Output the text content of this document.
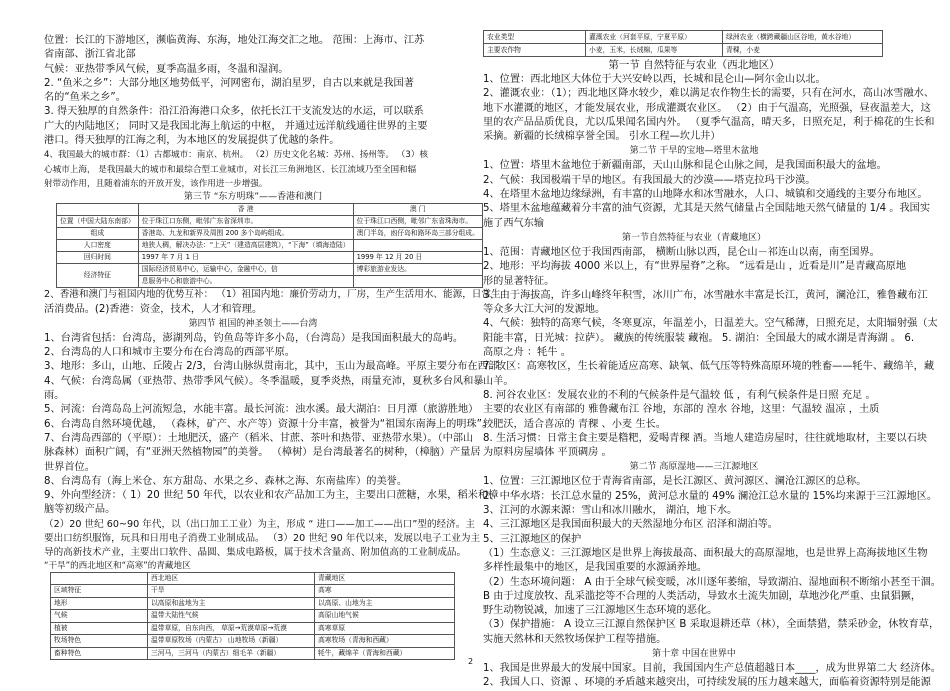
位置：长江的下游地区，濒临黄海、东海，地处江海交汇之地。 范围：上海市、江苏

省南部、浙江省北部

气候：亚热带季风气候，夏季高温多雨，冬温和湿润。

2. “鱼米之乡”：大部分地区地势低平，河网密布，湖泊星罗，自古以来就是我国著

名的“鱼米之乡”。

3. 得天独厚的自然条件：沿江沿海港口众多，依托长江干支流发达的水运，可以联系

广大的内陆地区； 同时又是我国北海上航运的中枢， 并通过远洋航线通往世界的主要

港口。得天独厚的江海之利，为本地区的发展提供了优越的条件。

4、我国最大的城市群：（1）古都城市：南京、杭州。 （2）历史文化名城：苏州、扬州等。 （3）核

心城市上海， 是我国最大的城市和最综合型工业城市，对长江三角洲地区、长江流域乃至全国和辐

射带动作用，且随着浦东的开放开发，该作用进一步增强。

第三节 “东方明珠”——香港和澳门
	香 港	澳 门
位置（中国大陆东南部）	位于珠江口东侧，毗邻广东省深圳市。	位于珠江口西侧，毗邻广东省珠海市。
组成	香港岛、九龙和新界及周围 200 多个岛屿组成。	澳门半岛，凼仔岛和路环岛三部分组成。
人口密度	地狭人稠，解决办法：“上天”（建造高层建筑），“下海”（填海造陆）	
回归时间	1997 年 7 月 1 日	1999 年 12 月 20 日
经济特征	国际经济贸易中心，运输中心，金融中心，信	博彩旅游业发达。
	息服务中心和旅游中心。	

2、香港和澳门与祖国内地的优势互补： （1）祖国内地：廉价劳动力，厂房，生产生活用水、能源，日常生

活消费品。(2)香港：资金，技术，人才和管理。

第四节 祖国的神圣领土——台湾

1、台湾省包括：台湾岛，澎湖列岛，钓鱼岛等许多小岛，（台湾岛）是我国面积最大的岛屿。

2、台湾岛的人口和城市主要分布在台湾岛的西部平原。

3、地形：多山，山地、丘陵占 2/3，台湾山脉纵贯南北，其中，玉山为最高峰。平原主要分布在西部。

4、气候：台湾岛属（亚热带、热带季风气候）。冬季温暖，夏季炎热，雨量充沛，夏秋多台风和暴

雨。

5、河流：台湾岛岛上河流短急，水能丰富。最长河流：浊水溪。最大湖泊：日月潭（旅游胜地）

6、台湾岛自然环境优越， （森林，矿产、水产等）资源十分丰富，被誉为“祖国东南海上的明珠”。

7、台湾岛西部的（平原）：土地肥沃，盛产（稻米、甘蔗、茶叶和热带、亚热带水果）。（中部山

脉森林）面积广阔，有“亚洲天然植物园”的美誉。 （樟树）是台湾最著名的树种，（樟脑）产量居

世界首位。

8、台湾岛有（海上米仓、东方甜岛、水果之乡、森林之海、东南盐库）的美誉。

9、外向型经济：（ 1）20 世纪 50 年代，以农业和农产品加工为主，主要出口蔗糖，水果，稻米和樟

脑等初级产品。

（2）20 世纪 60~90 年代，以（出口加工工业）为主，形成 “ 进口——加工——出口”型的经济。主

要出口纺织服饰，玩具和日用电子消费工业制成品。 （3）20 世纪 90 年代以来，发展以电子工业为主

导的高新技术产业，主要出口软件、晶圆、集成电路板，属于技术含量高、附加值高的工业制成品。

“干旱”的西北地区和“高寒”的青藏地区
	西北地区	青藏地区
区域特征	干旱	高寒
地形	以高原和盆地为主	以高原、山地为主
气候	温带大陆性气候	高原山地气候
植被	温带草原，自东向西， 草原→荒漠草原→荒漠	高寒草原
牧场特色	温带草原牧场（内蒙古） 山地牧场（新疆）	高寒牧场（青海和西藏）
畜种特色	三河马，三河马（内蒙古）细毛羊（新疆）	牦牛，藏绵羊（青海和西藏）
农业类型	灌溉农业（河套平原，宁夏平原）	绿洲农业（横跨藏疆山区谷地，黄水谷地）
主要农作物	小麦，玉米，长绒棉，瓜果等	青稞，小麦
第一节 自然特征与农业（西北地区）

1、位置：西北地区大体位于大兴安岭以西，长城和昆仑山—阿尔金山以北。

2、灌溉农业：（1）；西北地区降水较少，难以满足农作物生长的需要，只有在河水，高山冰雪融水、

地下水灌溉的地区，才能发展农业，形成灌溉农业区。 （2）由于气温高，光照强，昼夜温差大，这

里的农产品品质优良，尤以瓜果闻名国内外。 （夏季气温高，晴天多，日照充足，利于棉花的生长和

采摘。新疆的长绒棉享誉全国。 引水工程—坎儿井）

第二节 干旱的宝地—塔里木盆地

1、位置：塔里木盆地位于新疆南部，天山山脉和昆仑山脉之间，是我国面积最大的盆地。

2、气候：我国极端干旱的地区。有我国最大的沙漠——塔克拉玛干沙漠。

4、在塔里木盆地边缘绿洲，有丰富的山地降水和冰雪融水，人口、城镇和交通线的主要分布地区。

5、塔里木盆地蕴藏着分丰富的油气资源，尤其是天然气储量占全国陆地天然气储量的 1/4 。我国实

施了西气东输

第一节自然特征与农业（青藏地区）

1、范围：青藏地区位于我国西南部， 横断山脉以西，昆仑山－祁连山以南，南至国界。

2、地形：平均海拔 4000 米以上，有“世界屋脊”之称。 “远看是山 ，近看是川”是青藏高原地

形的显著特征。

3、由于海拔高，许多山峰终年积雪，冰川广布，冰雪融水丰富是长江，黄河，澜沧江，雅鲁藏布江

等众多大江大河的发源地。

4、气候：独特的高寒气候，冬寒夏凉，年温差小，日温差大。空气稀薄，日照充足，太阳辐射强（太

阳能丰富，日光城：拉萨）。 藏族的传统服装 藏袍。 5. 湖泊：全国最大的咸水湖是青海湖 。 6.

高原之舟 ：牦牛 。

7. 牧区：高寒牧区，生长着能适应高寒、缺氧、低气压等特殊高原环境的牲畜——牦牛、藏绵羊，藏

山羊。

8. 河谷农业区：发展农业的不利的气候条件是气温较 低 ，有利气候条件是日照 充足 。

主要的农业区有南部的 雅鲁藏布江 谷地，东部的 湟水 谷地，这里：气温较 温凉 ，土质

较肥沃，适合喜凉的 青稞 、小麦 生长。

8. 生活习惯：日常主食主要是糌粑，爱喝青稞 酒。当地人建造房屋时，往往就地取材，主要以石块

为原料房屋墙体 平顶碉房 。

第二节 高原湿地——三江源地区

1、位置：三江源地区位于青海省南部，是长江源区、黄河源区、澜沧江源区的总称。

2、中华水塔：长江总水量的 25%，黄河总水量的 49% 澜沧江总水量的 15%均来源于三江源地区。

3、江河的水源来源：雪山和冰川融水， 湖泊，地下水。

4、三江源地区是我国面积最大的天然湿地分布区 沼泽和湖泊等。

5、三江源地区的保护

（1）生态意义：三江源地区是世界上海拔最高、面积最大的高原湿地，也是世界上高海拔地区生物

多样性最集中的地区，是我国重要的水源涵养地。

（2）生态环境问题： A 由于全球气候变暖，冰川逐年萎缩，导致湖泊、湿地面积不断缩小甚至干涸。

B 由于过度放牧、乱采滥挖等不合理的人类活动，导致水土流失加剧，草地沙化严重、虫鼠猖獗，

野生动物锐减，加速了三江源地区生态环境的恶化。

（3）保护措施： A 设立三江源自然保护区 B 采取退耕还草（林），全面禁猎，禁采砂金，休牧育草，

实施天然林和天然牧场保护工程等措施。

第十章 中国在世界中

1、我国是世界最大的发展中国家。目前，我国国内生产总值超越日本____，成为世界第二大 经济体。

2、我国人口、资源 、环境的矛盾越来越突出，可持续发展的压力越来越大，面临着资源特别是能源

2
